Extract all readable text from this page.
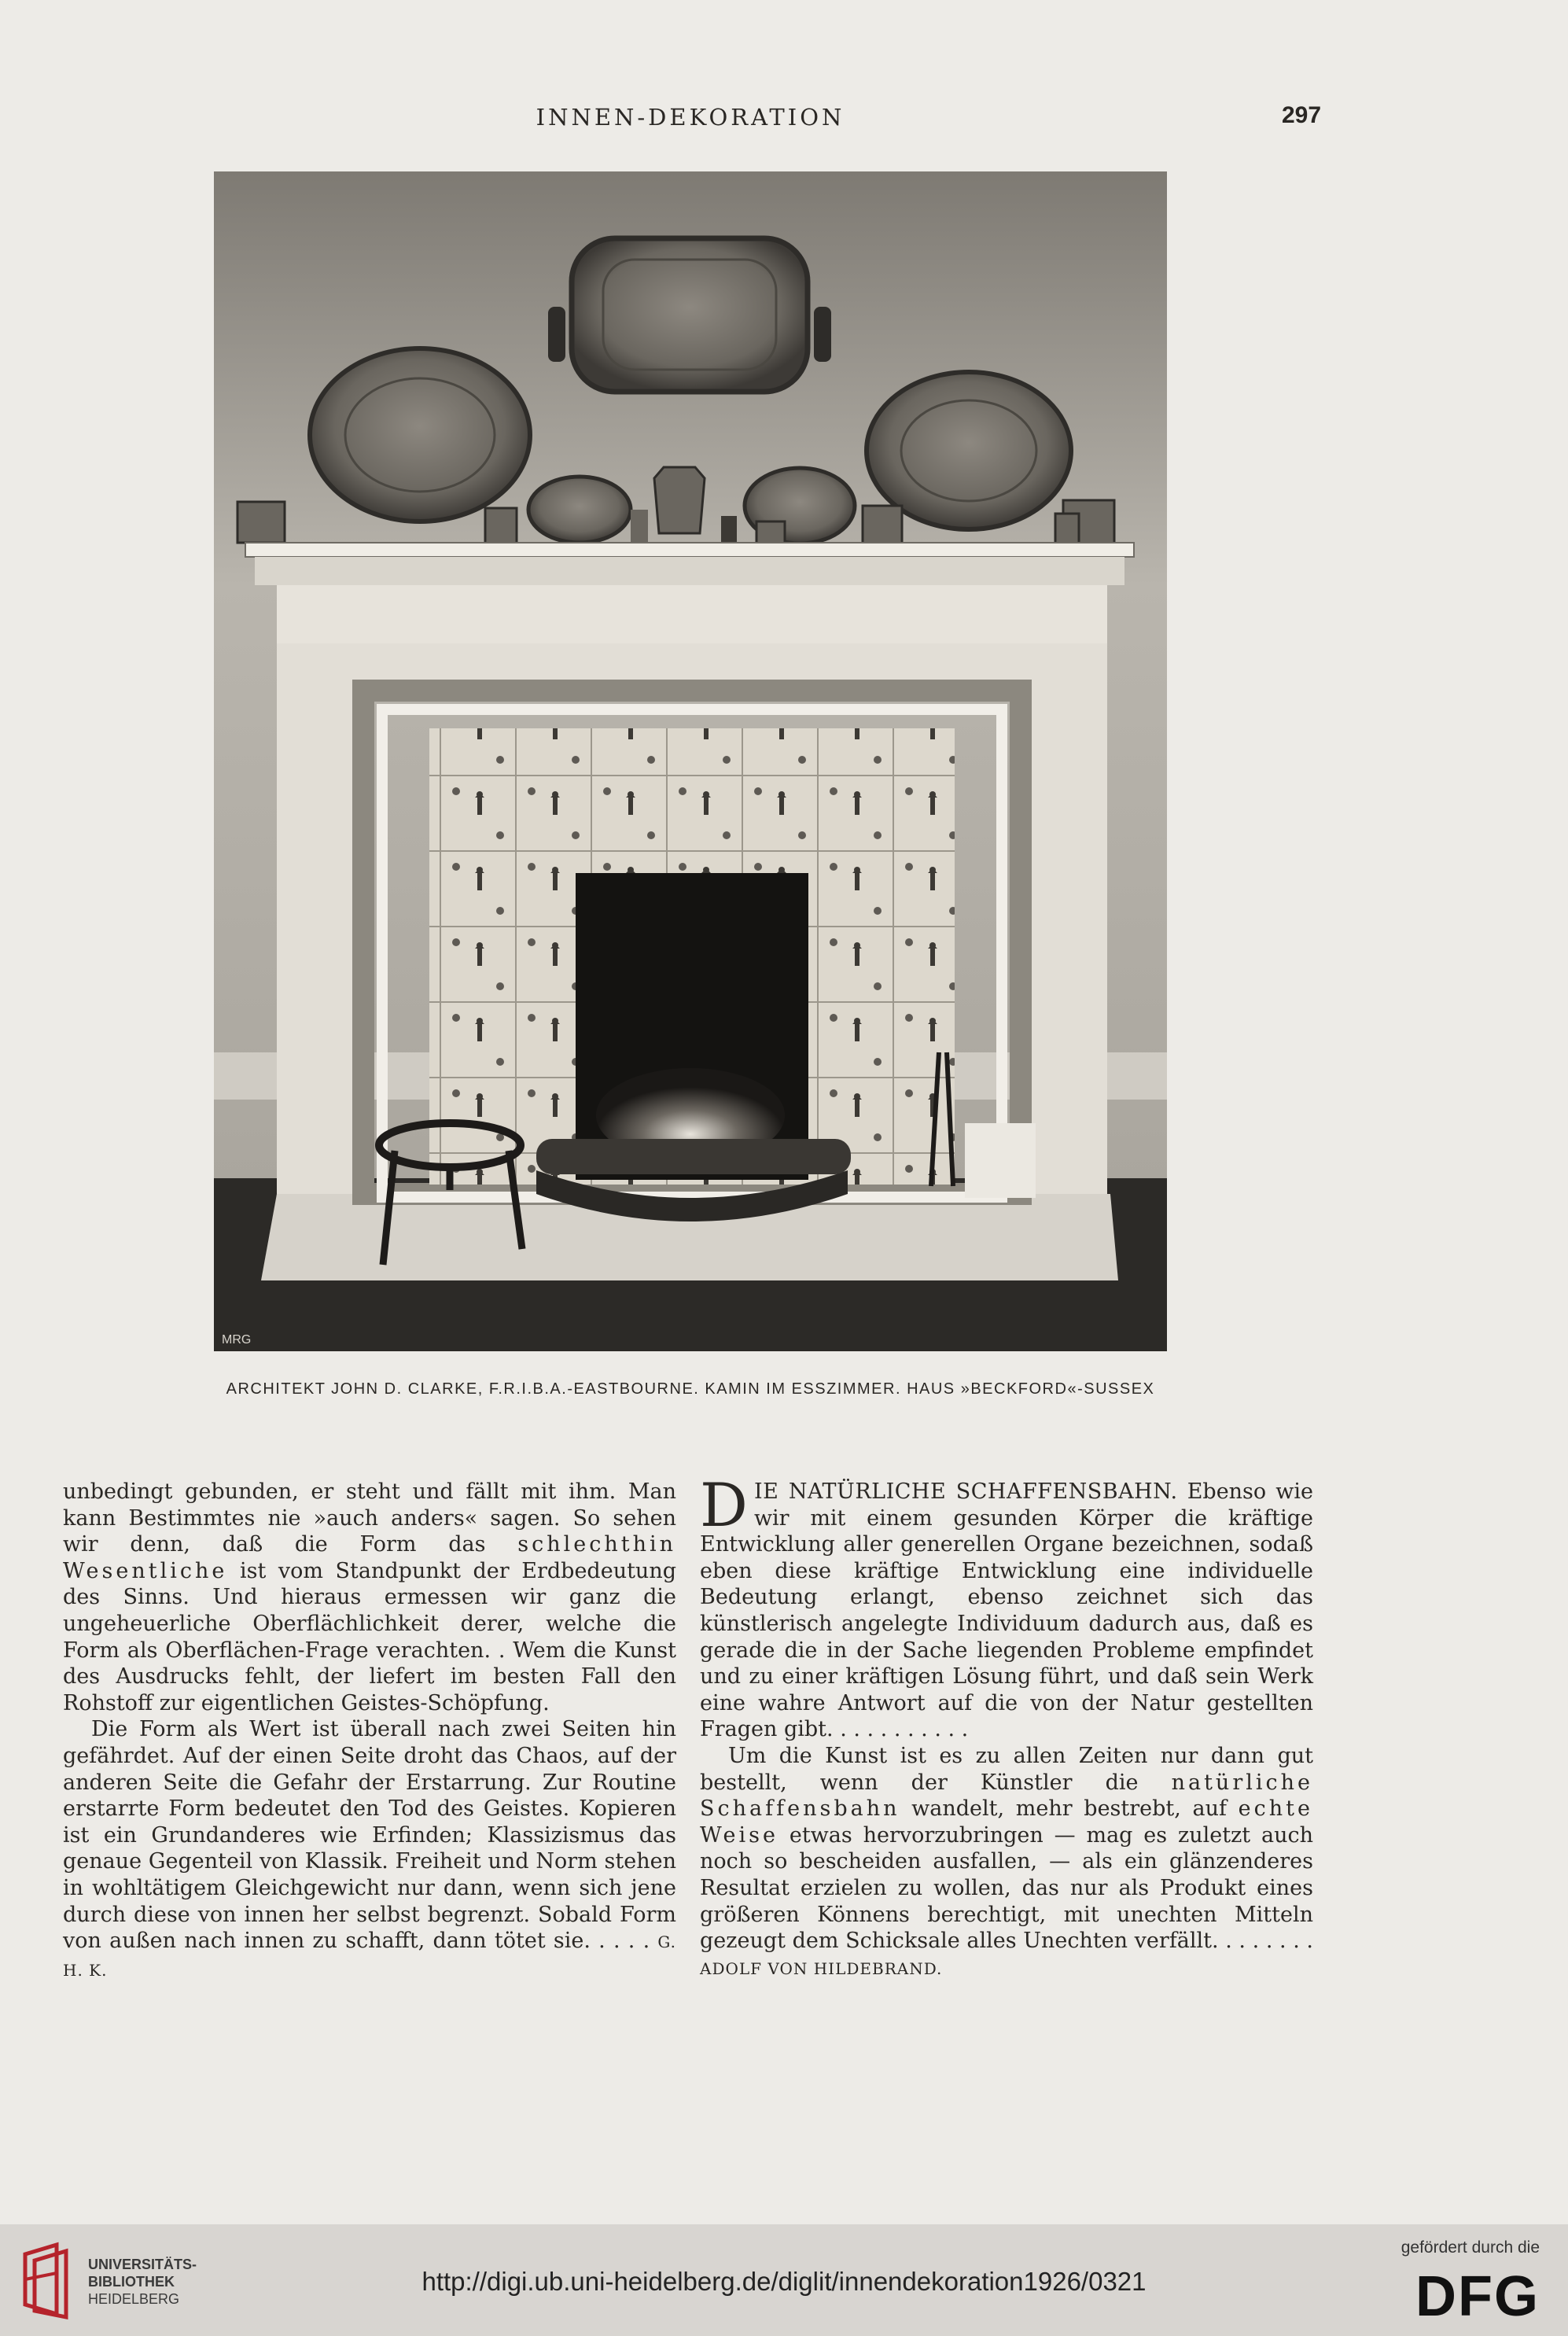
INNEN-DEKORATION	297
MRG
ARCHITEKT JOHN D. CLARKE, F.R.I.B.A.-EASTBOURNE. KAMIN IM ESSZIMMER. HAUS »BECKFORD«-SUSSEX

unbedingt gebunden, er steht und fällt mit ihm. Man kann Bestimmtes nie »auch anders« sagen. So sehen wir denn, daß die Form das schlechthin Wesentliche ist vom Standpunkt der Erdbedeutung des Sinns. Und hieraus ermessen wir ganz die ungeheuerliche Oberflächlichkeit derer, welche die Form als Oberflächen-Frage verachten. . Wem die Kunst des Ausdrucks fehlt, der liefert im besten Fall den Rohstoff zur eigentlichen Geistes-Schöpfung.

Die Form als Wert ist überall nach zwei Seiten hin gefährdet. Auf der einen Seite droht das Chaos, auf der anderen Seite die Gefahr der Erstarrung. Zur Routine erstarrte Form bedeutet den Tod des Geistes. Kopieren ist ein Grundanderes wie Erfinden; Klassizismus das genaue Gegenteil von Klassik. Freiheit und Norm stehen in wohltätigem Gleichgewicht nur dann, wenn sich jene durch diese von innen her selbst begrenzt. Sobald Form von außen nach innen zu schafft, dann tötet sie. . . . . G. H. K.

DIE NATÜRLICHE SCHAFFENSBAHN. Ebenso wie wir mit einem gesunden Körper die kräftige Entwicklung aller generellen Organe bezeichnen, sodaß eben diese kräftige Entwicklung eine individuelle Bedeutung erlangt, ebenso zeichnet sich das künstlerisch angelegte Individuum dadurch aus, daß es gerade die in der Sache liegenden Probleme empfindet und zu einer kräftigen Lösung führt, und daß sein Werk eine wahre Antwort auf die von der Natur gestellten Fragen gibt. . . . . . . . . . .

Um die Kunst ist es zu allen Zeiten nur dann gut bestellt, wenn der Künstler die natürliche Schaffensbahn wandelt, mehr bestrebt, auf echte Weise etwas hervorzubringen — mag es zuletzt auch noch so bescheiden ausfallen, — als ein glänzenderes Resultat erzielen zu wollen, das nur als Produkt eines größeren Könnens berechtigt, mit unechten Mitteln gezeugt dem Schicksale alles Unechten verfällt. . . . . . . . ADOLF VON HILDEBRAND.

UNIVERSITÄTS-
BIBLIOTHEK
HEIDELBERG
http://digi.ub.uni-heidelberg.de/diglit/innendekoration1926/0321
gefördert durch die
DFG
